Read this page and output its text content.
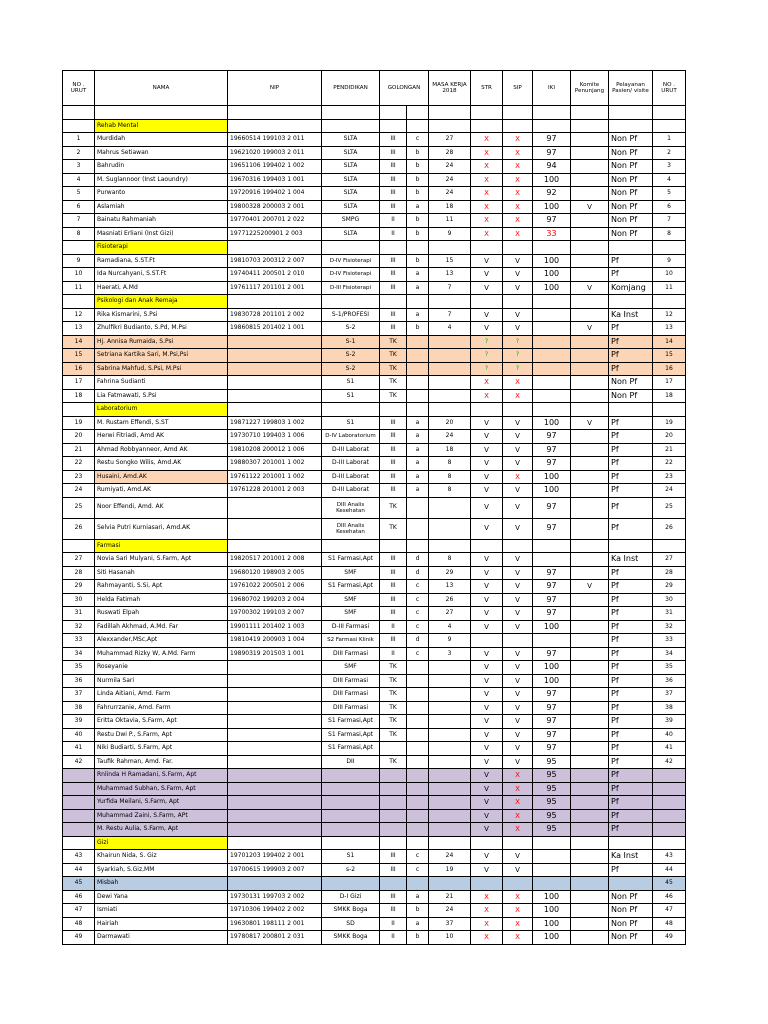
NO . URUT	NAMA	NIP	PENDIDIKAN	GOLONGAN		MASA KERJA 2018	STR	SIP	IKI	Komite Penunjang	Pelayanan Pasien/ visite	NO . URUT

	Rehab Mental											
1	Murdidah	19660514 199103 2 011	SLTA	III	c	27	X	X	97		Non Pf	1
2	Mahrus Setiawan	19621020 199003 2 011	SLTA	III	b	28	X	X	97		Non Pf	2
3	Bahrudin	19651106 199402 1 002	SLTA	III	b	24	X	X	94		Non Pf	3
4	M. Suglannoor (Inst Laoundry)	19670316 199403 1 001	SLTA	III	b	24	X	X	100		Non Pf	4
5	Purwanto	19720916 199402 1 004	SLTA	III	b	24	X	X	92		Non Pf	5
6	Aslamiah	19800328 200003 2 001	SLTA	III	a	18	X	X	100	V	Non Pf	6
7	Bainatu Rahmaniah	19770401 200701 2 022	SMPG	II	b	11	X	X	97		Non Pf	7
8	Masniati Erliani (Inst Gizi)	19771225200901 2 003	SLTA	II	b	9	X	X	33		Non Pf	8
	Fisioterapi											
9	Ramadiana, S.ST.Ft	19810703 200312 2 007	D-IV Fisioterapi	III	b	15	V	V	100		Pf	9
10	Ida Nurcahyani, S.ST.Ft	19740411 200501 2 010	D-IV Fisioterapi	III	a	13	V	V	100		Pf	10
11	Haerati, A.Md	19761117 201101 2 001	D-III Fisioterapi	III	a	7	V	V	100	V	Komjang	11
	Psikologi dan Anak Remaja											
12	Rika Kismarini, S.Psi	19830728 201101 2 002	S-1/PROFESI	III	a	7	V	V			Ka Inst	12
13	Zhulfikri Budianto, S.Pd, M.Psi	19860815 201402 1 001	S-2	III	b	4	V	V		V	Pf	13
14	Hj. Annisa Rumaida, S.Psi		S-1	TK			?	?			Pf	14
15	Setriana Kartika Sari, M.Psi,Psi		S-2	TK			?	?			Pf	15
16	Sabrina Mahfud, S.Psi, M.Psi		S-2	TK			?	?			Pf	16
17	Fahrina Sudianti		S1	TK			X	X			Non Pf	17
18	Lia Fatmawati, S.Psi		S1	TK			X	X			Non Pf	18
	Laboratorium											
19	M. Rustam Effendi, S.ST	19871227 199803 1 002	S1	III	a	20	V	V	100	V	Pf	19
20	Herwi Fitriadi, Amd AK	19730710 199403 1 006	D-IV Laboratorium	III	a	24	V	V	97		Pf	20
21	Ahmad Robbyanneor, Amd AK	19810208 200012 1 006	D-III Laborat	III	a	18	V	V	97		Pf	21
22	Restu Songko Wilis, Amd.AK	19880307 201001 1 002	D-III Laborat	III	a	8	V	V	97		Pf	22
23	Husaini, Amd.AK	19761122 201001 1 002	D-III Laborat	III	a	8	V	X	100		Pf	23
24	Rumiyati, Amd.AK	19761228 201001 2 003	D-III Laborat	III	a	8	V	V	100		Pf	24
25	Noor Effendi, Amd. AK		DIII Analis Kesehatan	TK			V	V	97		Pf	25
26	Selvia Putri Kurniasari, Amd.AK		DIII Analis Kesehatan	TK			V	V	97		Pf	26
	Farmasi											
27	Novia Sari Mulyani, S.Farm, Apt	19820517 201001 2 008	S1 Farmasi,Apt	III	d	8	V	V			Ka Inst	27
28	Siti Hasanah	19680120 198903 2 005	SMF	III	d	29	V	V	97		Pf	28
29	Rahmayanti, S.Si, Apt	19761022 200501 2 006	S1 Farmasi,Apt	III	c	13	V	V	97	V	Pf	29
30	Helda Fatimah	19680702 199203 2 004	SMF	III	c	26	V	V	97		Pf	30
31	Ruswati Elpah	19700302 199103 2 007	SMF	III	c	27	V	V	97		Pf	31
32	Fadillah Akhmad, A.Md. Far	19901111 201402 1 003	D-III Farmasi	II	c	4	V	V	100		Pf	32
33	Alexxander,MSc,Apt	19810419 200903 1 004	S2 Farmasi Klinik	III	d	9					Pf	33
34	Muhammad Rizky W, A.Md. Farm	19890319 201503 1 001	DIII Farmasi	II	c	3	V	V	97		Pf	34
35	Roseyanie		SMF	TK			V	V	100		Pf	35
36	Nurmila Sari		DIII Farmasi	TK			V	V	100		Pf	36
37	Linda Aitiani, Amd. Farm		DIII Farmasi	TK			V	V	97		Pf	37
38	Fahrurrzanie, Amd. Farm		DIII Farmasi	TK			V	V	97		Pf	38
39	Eritta Oktavia, S.Farm, Apt		S1 Farmasi,Apt	TK			V	V	97		Pf	39
40	Restu Dwi P., S.Farm, Apt		S1 Farmasi,Apt	TK			V	V	97		Pf	40
41	Niki Budiarti, S.Farm, Apt		S1 Farmasi,Apt				V	V	97		Pf	41
42	Taufik Rahman, Amd. Far.		DII	TK			V	V	95		Pf	42
	Rnlinda H Ramadani, S.Farm, Apt						V	X	95		Pf	
	Muhammad Subhan, S.Farm, Apt						V	X	95		Pf	
	Yurfida Meilani, S.Farm, Apt						V	X	95		Pf	
	Muhammad Zaini, S.Farm, APt						V	X	95		Pf	
	M. Restu Aulia, S.Farm, Apt						V	X	95		Pf	
	Gizi											
43	Khairun Nida, S. Giz	19701203 199402 2 001	S1	III	c	24	V	V			Ka Inst	43
44	Syarkiah, S.Giz,MM	19700615 199903 2 007	s-2	III	c	19	V	V			Pf	44
45	Misbah											45
46	Dewi Yana	19730131 199703 2 002	D-I Gizi	III	a	21	X	X	100		Non Pf	46
47	Ismiati	19710306 199402 2 002	SMKK Boga	III	b	24	X	X	100		Non Pf	47
48	Hairiah	19630801 198111 2 001	SD	II	a	37	X	X	100		Non Pf	48
49	Darmawati	19780817 200801 2 031	SMKK Boga	II	b	10	X	X	100		Non Pf	49
